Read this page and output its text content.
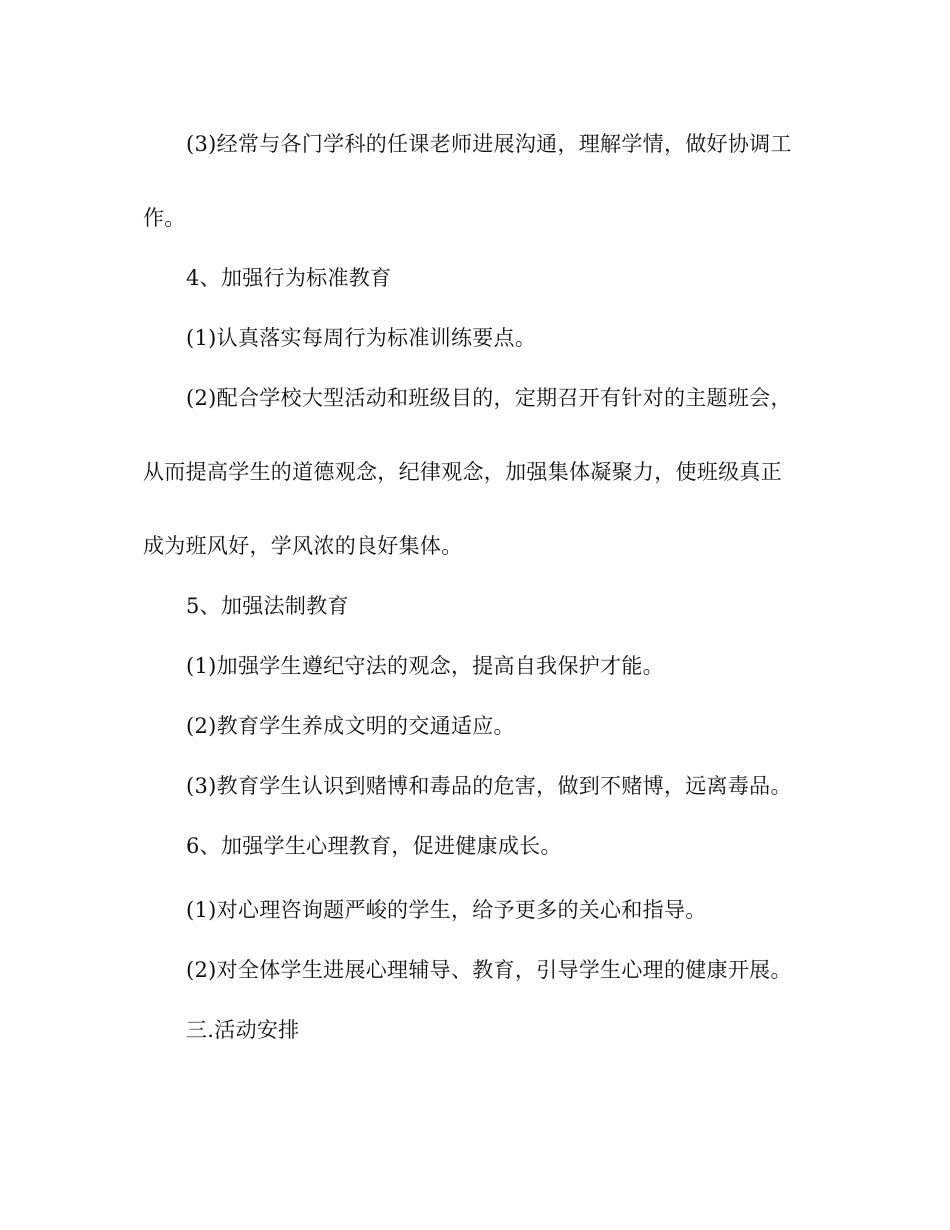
(3)经常与各门学科的任课老师进展沟通，理解学情，做好协调工
作。
4、加强行为标准教育
(1)认真落实每周行为标准训练要点。
(2)配合学校大型活动和班级目的，定期召开有针对的主题班会，
从而提高学生的道德观念，纪律观念，加强集体凝聚力，使班级真正
成为班风好，学风浓的良好集体。
5、加强法制教育
(1)加强学生遵纪守法的观念，提高自我保护才能。
(2)教育学生养成文明的交通适应。
(3)教育学生认识到赌博和毒品的危害，做到不赌博，远离毒品。
6、加强学生心理教育，促进健康成长。
(1)对心理咨询题严峻的学生，给予更多的关心和指导。
(2)对全体学生进展心理辅导、教育，引导学生心理的健康开展。
三.活动安排
